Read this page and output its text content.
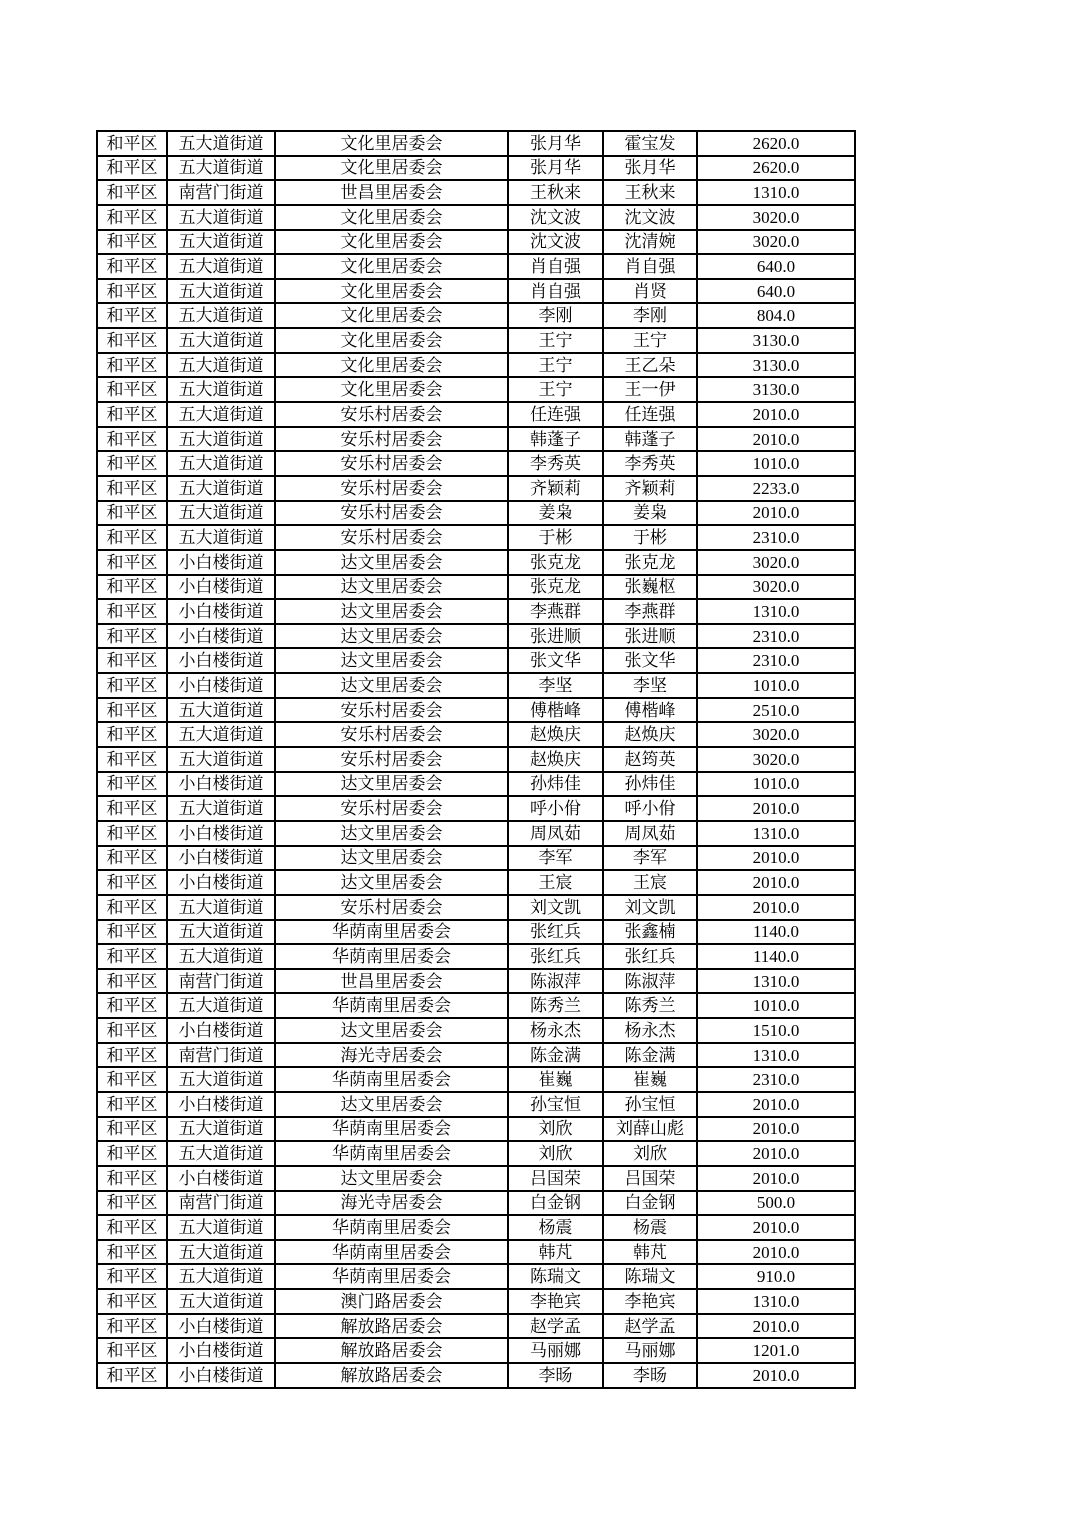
和平区	五大道街道	文化里居委会	张月华	霍宝发	2620.0
和平区	五大道街道	文化里居委会	张月华	张月华	2620.0
和平区	南营门街道	世昌里居委会	王秋来	王秋来	1310.0
和平区	五大道街道	文化里居委会	沈文波	沈文波	3020.0
和平区	五大道街道	文化里居委会	沈文波	沈清婉	3020.0
和平区	五大道街道	文化里居委会	肖自强	肖自强	640.0
和平区	五大道街道	文化里居委会	肖自强	肖贤	640.0
和平区	五大道街道	文化里居委会	李刚	李刚	804.0
和平区	五大道街道	文化里居委会	王宁	王宁	3130.0
和平区	五大道街道	文化里居委会	王宁	王乙朵	3130.0
和平区	五大道街道	文化里居委会	王宁	王一伊	3130.0
和平区	五大道街道	安乐村居委会	任连强	任连强	2010.0
和平区	五大道街道	安乐村居委会	韩蓬子	韩蓬子	2010.0
和平区	五大道街道	安乐村居委会	李秀英	李秀英	1010.0
和平区	五大道街道	安乐村居委会	齐颖莉	齐颖莉	2233.0
和平区	五大道街道	安乐村居委会	姜枭	姜枭	2010.0
和平区	五大道街道	安乐村居委会	于彬	于彬	2310.0
和平区	小白楼街道	达文里居委会	张克龙	张克龙	3020.0
和平区	小白楼街道	达文里居委会	张克龙	张巍枢	3020.0
和平区	小白楼街道	达文里居委会	李燕群	李燕群	1310.0
和平区	小白楼街道	达文里居委会	张进顺	张进顺	2310.0
和平区	小白楼街道	达文里居委会	张文华	张文华	2310.0
和平区	小白楼街道	达文里居委会	李坚	李坚	1010.0
和平区	五大道街道	安乐村居委会	傅楷峰	傅楷峰	2510.0
和平区	五大道街道	安乐村居委会	赵焕庆	赵焕庆	3020.0
和平区	五大道街道	安乐村居委会	赵焕庆	赵筠英	3020.0
和平区	小白楼街道	达文里居委会	孙炜佳	孙炜佳	1010.0
和平区	五大道街道	安乐村居委会	呼小佾	呼小佾	2010.0
和平区	小白楼街道	达文里居委会	周凤茹	周凤茹	1310.0
和平区	小白楼街道	达文里居委会	李军	李军	2010.0
和平区	小白楼街道	达文里居委会	王宸	王宸	2010.0
和平区	五大道街道	安乐村居委会	刘文凯	刘文凯	2010.0
和平区	五大道街道	华荫南里居委会	张红兵	张鑫楠	1140.0
和平区	五大道街道	华荫南里居委会	张红兵	张红兵	1140.0
和平区	南营门街道	世昌里居委会	陈淑萍	陈淑萍	1310.0
和平区	五大道街道	华荫南里居委会	陈秀兰	陈秀兰	1010.0
和平区	小白楼街道	达文里居委会	杨永杰	杨永杰	1510.0
和平区	南营门街道	海光寺居委会	陈金满	陈金满	1310.0
和平区	五大道街道	华荫南里居委会	崔巍	崔巍	2310.0
和平区	小白楼街道	达文里居委会	孙宝恒	孙宝恒	2010.0
和平区	五大道街道	华荫南里居委会	刘欣	刘薛山彪	2010.0
和平区	五大道街道	华荫南里居委会	刘欣	刘欣	2010.0
和平区	小白楼街道	达文里居委会	吕国荣	吕国荣	2010.0
和平区	南营门街道	海光寺居委会	白金钢	白金钢	500.0
和平区	五大道街道	华荫南里居委会	杨震	杨震	2010.0
和平区	五大道街道	华荫南里居委会	韩芃	韩芃	2010.0
和平区	五大道街道	华荫南里居委会	陈瑞文	陈瑞文	910.0
和平区	五大道街道	澳门路居委会	李艳宾	李艳宾	1310.0
和平区	小白楼街道	解放路居委会	赵学孟	赵学孟	2010.0
和平区	小白楼街道	解放路居委会	马丽娜	马丽娜	1201.0
和平区	小白楼街道	解放路居委会	李旸	李旸	2010.0
